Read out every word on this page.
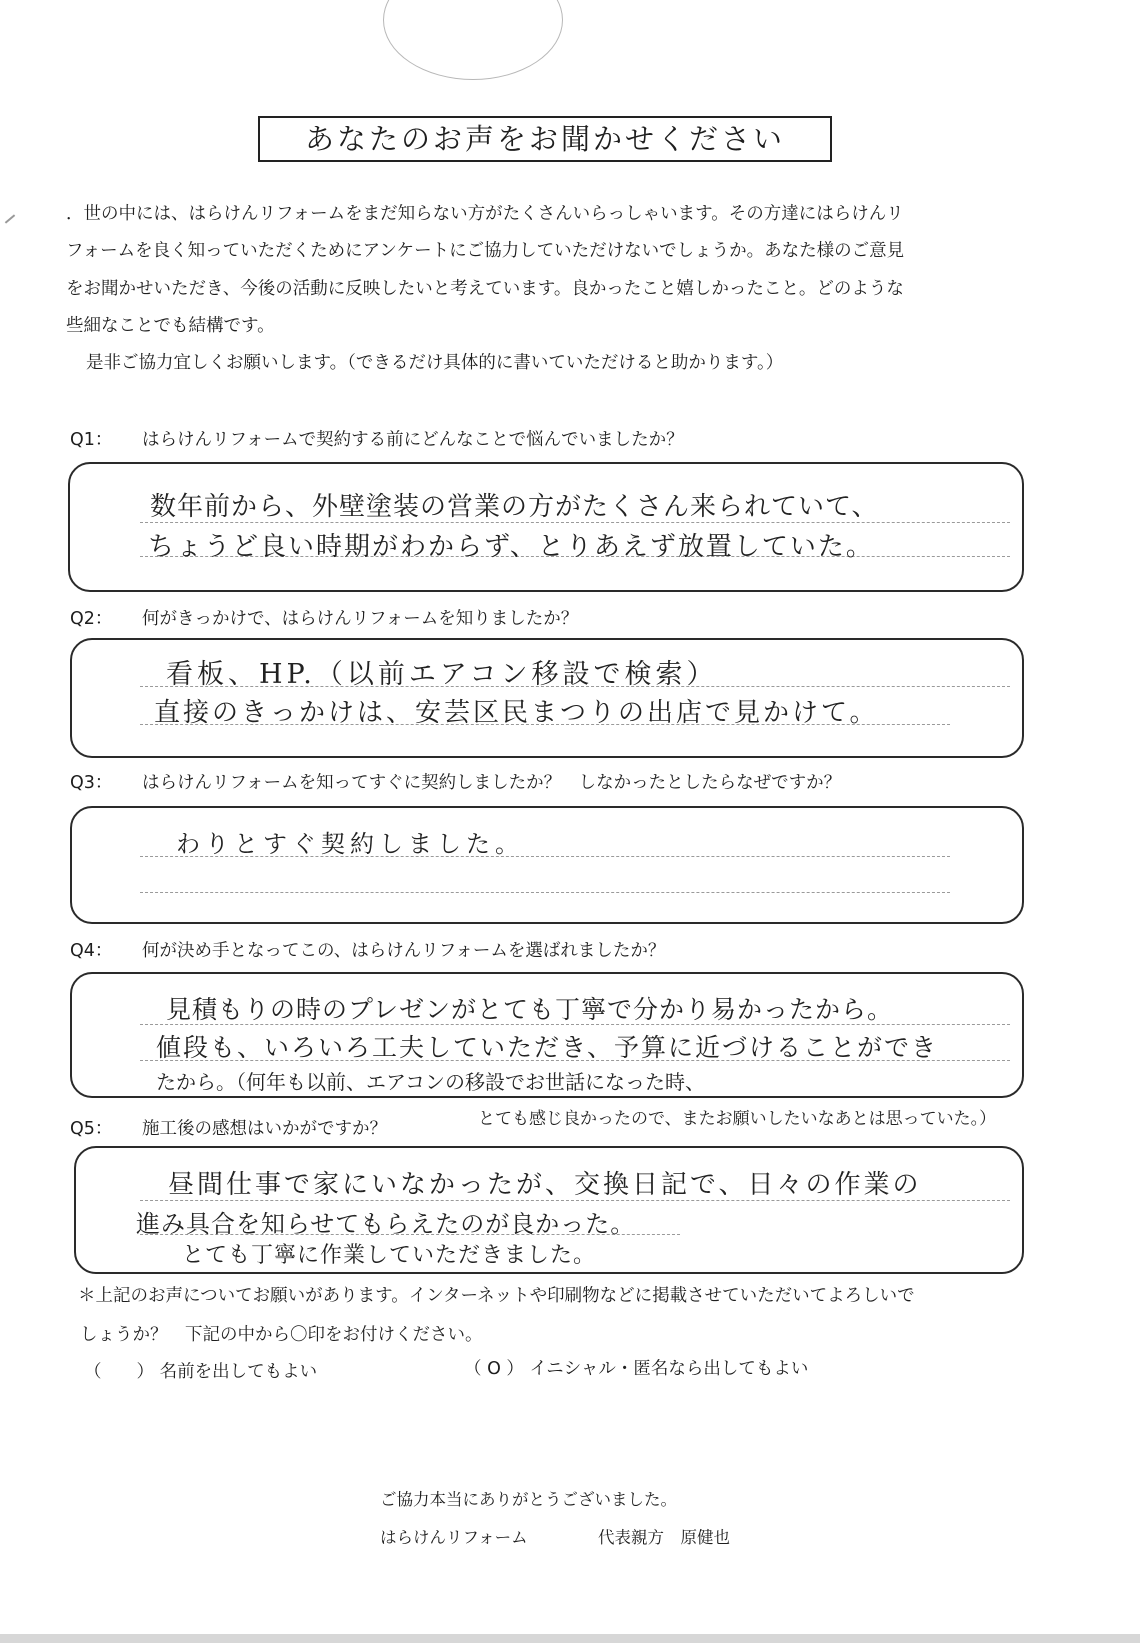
あなたのお声をお聞かせください
．世の中には、はらけんリフォームをまだ知らない方がたくさんいらっしゃいます。その方達にはらけんリ
フォームを良く知っていただくためにアンケートにご協力していただけないでしょうか。あなた様のご意見
をお聞かせいただき、今後の活動に反映したいと考えています。良かったこと嬉しかったこと。どのような
些細なことでも結構です。
是非ご協力宜しくお願いします。（できるだけ具体的に書いていただけると助かります。）
Q1： はらけんリフォームで契約する前にどんなことで悩んでいましたか？
数年前から、外壁塗装の営業の方がたくさん来られていて、
ちょうど良い時期がわからず、とりあえず放置していた。
Q2： 何がきっかけで、はらけんリフォームを知りましたか？
看板、HP.（以前エアコン移設で検索）
直接のきっかけは、安芸区民まつりの出店で見かけて。
Q3： はらけんリフォームを知ってすぐに契約しましたか？　しなかったとしたらなぜですか？
わりとすぐ契約しました。
Q4： 何が決め手となってこの、はらけんリフォームを選ばれましたか？
見積もりの時のプレゼンがとても丁寧で分かり易かったから。
値段も、いろいろ工夫していただき、予算に近づけることができ
たから。（何年も以前、エアコンの移設でお世話になった時、
とても感じ良かったので、またお願いしたいなあとは思っていた。）
Q5： 施工後の感想はいかがですか？
昼間仕事で家にいなかったが、交換日記で、日々の作業の
進み具合を知らせてもらえたのが良かった。
とても丁寧に作業していただきました。
＊上記のお声についてお願いがあります。インターネットや印刷物などに掲載させていただいてよろしいで
しょうか？　下記の中から〇印をお付けください。
（　　） 名前を出してもよい	（ O ） イニシャル・匿名なら出してもよい
ご協力本当にありがとうございました。
はらけんリフォーム	代表親方　原健也
